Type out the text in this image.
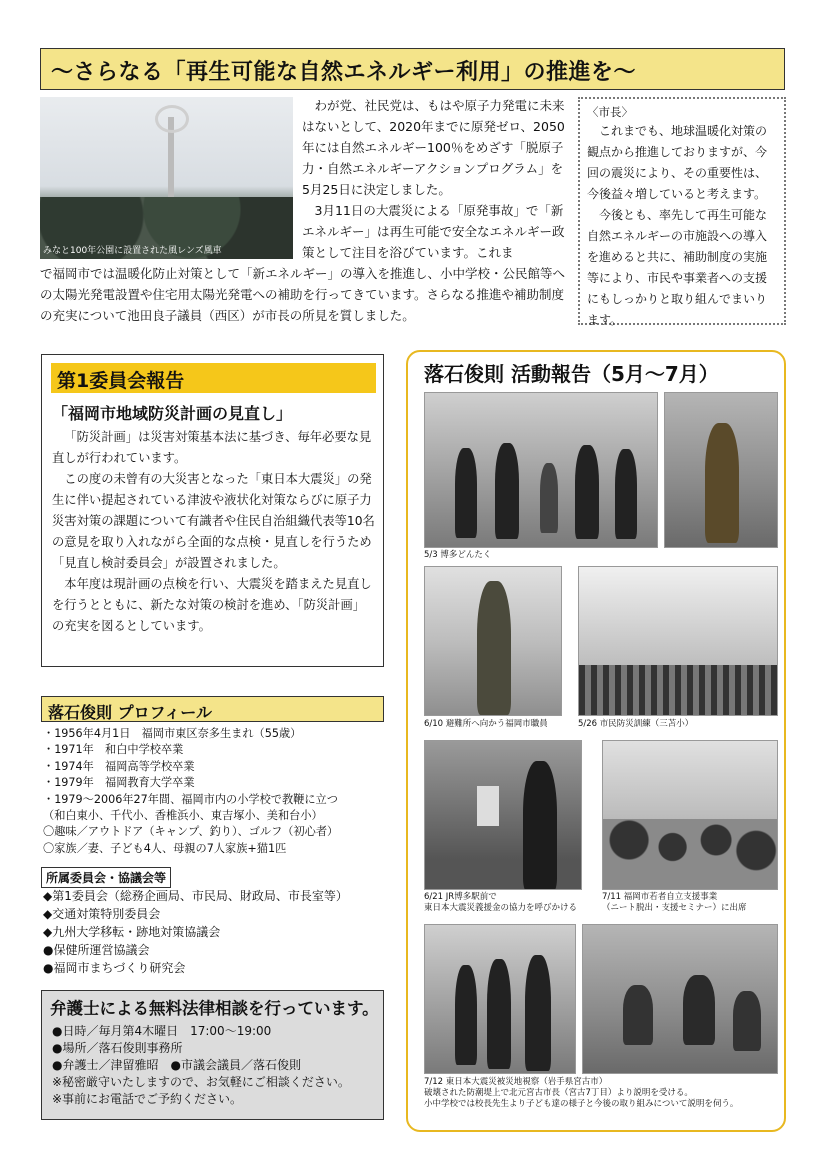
～さらなる「再生可能な自然エネルギー利用」の推進を～
みなと100年公園に設置された風レンズ風車

わが党、社民党は、もはや原子力発電に未来はないとして、2020年までに原発ゼロ、2050年には自然エネルギー100％をめざす「脱原子力・自然エネルギーアクションプログラム」を5月25日に決定しました。

3月11日の大震災による「原発事故」で「新エネルギー」は再生可能で安全なエネルギー政策として注目を浴びています。これま

で福岡市では温暖化防止対策として「新エネルギー」の導入を推進し、小中学校・公民館等への太陽光発電設置や住宅用太陽光発電への補助を行ってきています。さらなる推進や補助制度の充実について池田良子議員（西区）が市長の所見を質しました。
〈市長〉

これまでも、地球温暖化対策の観点から推進しておりますが、今回の震災により、その重要性は、今後益々増していると考えます。

今後とも、率先して再生可能な自然エネルギーの市施設への導入を進めると共に、補助制度の実施等により、市民や事業者への支援にもしっかりと取り組んでまいります。

第1委員会報告
「福岡市地域防災計画の見直し」

「防災計画」は災害対策基本法に基づき、毎年必要な見直しが行われています。

この度の未曾有の大災害となった「東日本大震災」の発生に伴い提起されている津波や液状化対策ならびに原子力災害対策の課題について有識者や住民自治組織代表等10名の意見を取り入れながら全面的な点検・見直しを行うため「見直し検討委員会」が設置されました。

本年度は現計画の点検を行い、大震災を踏まえた見直しを行うとともに、新たな対策の検討を進め、「防災計画」の充実を図るとしています。

落石俊則 プロフィール
・1956年4月1日　福岡市東区奈多生まれ（55歳）
・1971年　和白中学校卒業
・1974年　福岡高等学校卒業
・1979年　福岡教育大学卒業
・1979～2006年27年間、福岡市内の小学校で教鞭に立つ
（和白東小、千代小、香椎浜小、東吉塚小、美和台小）
〇趣味／アウトドア（キャンプ、釣り）、ゴルフ（初心者）
〇家族／妻、子ども4人、母親の7人家族+猫1匹
所属委員会・協議会等
◆第1委員会（総務企画局、市民局、財政局、市長室等）
◆交通対策特別委員会
◆九州大学移転・跡地対策協議会
●保健所運営協議会
●福岡市まちづくり研究会
弁護士による無料法律相談を行っています。
●日時／毎月第4木曜日　17:00～19:00
●場所／落石俊則事務所
●弁護士／津留雅昭　●市議会議員／落石俊則
※秘密厳守いたしますので、お気軽にご相談ください。
※事前にお電話でご予約ください。
落石俊則 活動報告（5月～7月）
5/3 博多どんたく
6/10 避難所へ向かう福岡市職員	5/26 市民防災訓練（三苫小）
6/21 JR博多駅前で
東日本大震災義援金の協力を呼びかける
7/11 福岡市若者自立支援事業
（ニート脱出・支援セミナー）に出席
7/12 東日本大震災被災地視察（岩手県宮古市）
破壊された防潮堤上で北元宮古市長（宮古7丁目）より説明を受ける。
小中学校では校長先生より子ども達の様子と今後の取り組みについて説明を伺う。
